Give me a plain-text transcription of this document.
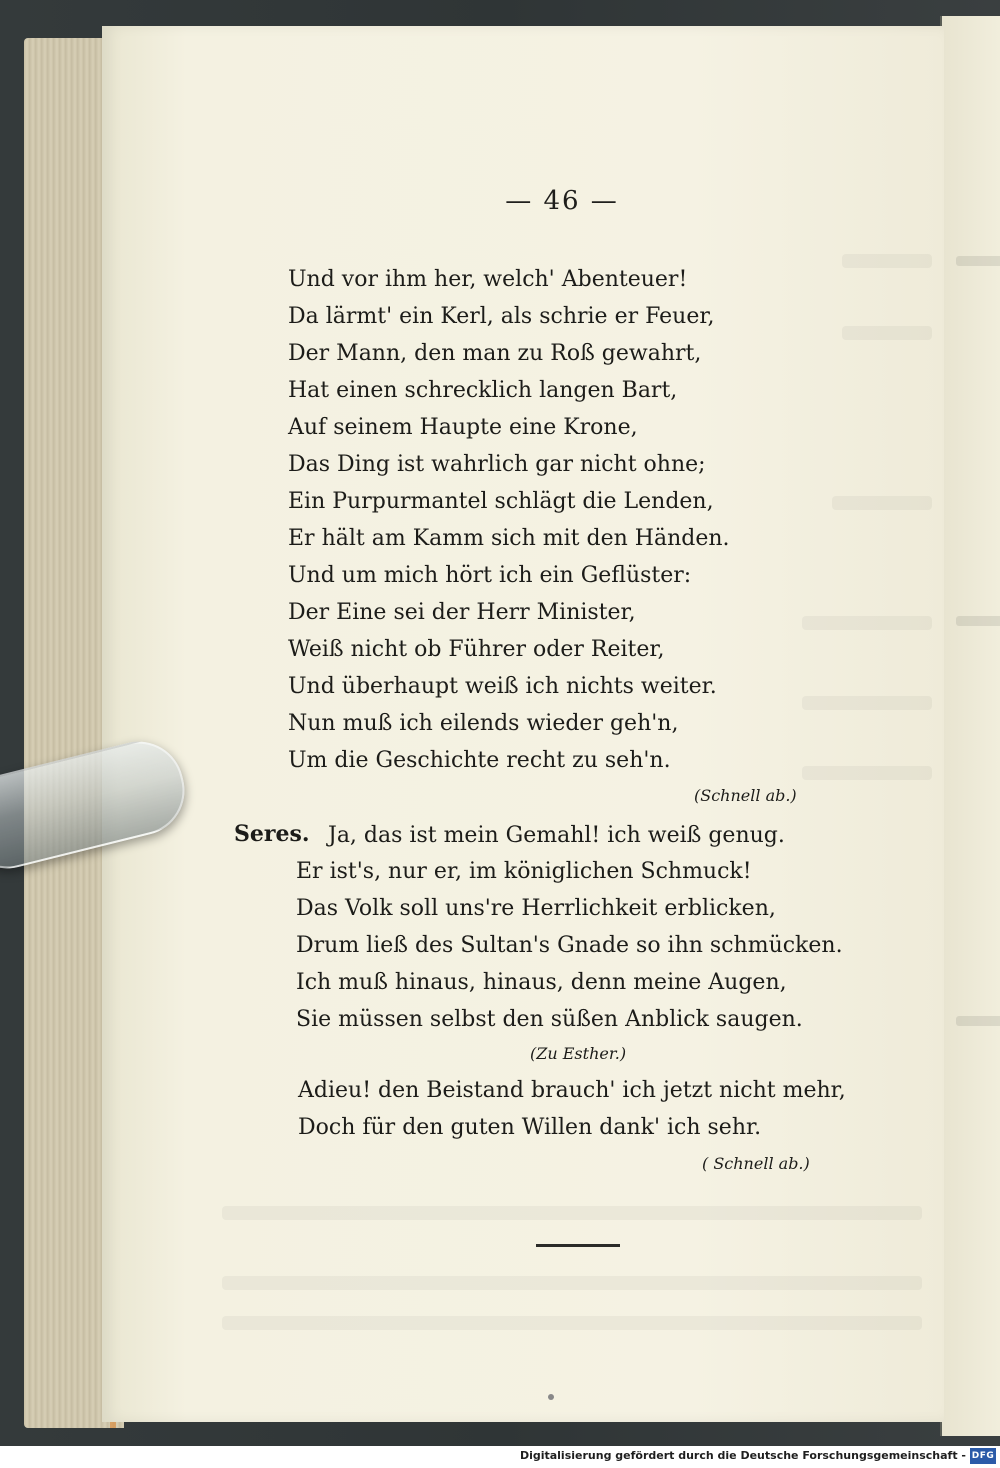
— 46 —
Und vor ihm her, welch' Abenteuer!
Da lärmt' ein Kerl, als schrie er Feuer,
Der Mann, den man zu Roß gewahrt,
Hat einen schrecklich langen Bart,
Auf seinem Haupte eine Krone,
Das Ding ist wahrlich gar nicht ohne;
Ein Purpurmantel schlägt die Lenden,
Er hält am Kamm sich mit den Händen.
Und um mich hört ich ein Geflüster:
Der Eine sei der Herr Minister,
Weiß nicht ob Führer oder Reiter,
Und überhaupt weiß ich nichts weiter.
Nun muß ich eilends wieder geh'n,
Um die Geschichte recht zu seh'n.
(Schnell ab.)
Seres. Ja, das ist mein Gemahl! ich weiß genug.
Er ist's, nur er, im königlichen Schmuck!
Das Volk soll uns're Herrlichkeit erblicken,
Drum ließ des Sultan's Gnade so ihn schmücken.
Ich muß hinaus, hinaus, denn meine Augen,
Sie müssen selbst den süßen Anblick saugen.
(Zu Esther.)
Adieu! den Beistand brauch' ich jetzt nicht mehr,
Doch für den guten Willen dank' ich sehr.
( Schnell ab.)
Digitalisierung gefördert durch die Deutsche Forschungsgemeinschaft - DFG
